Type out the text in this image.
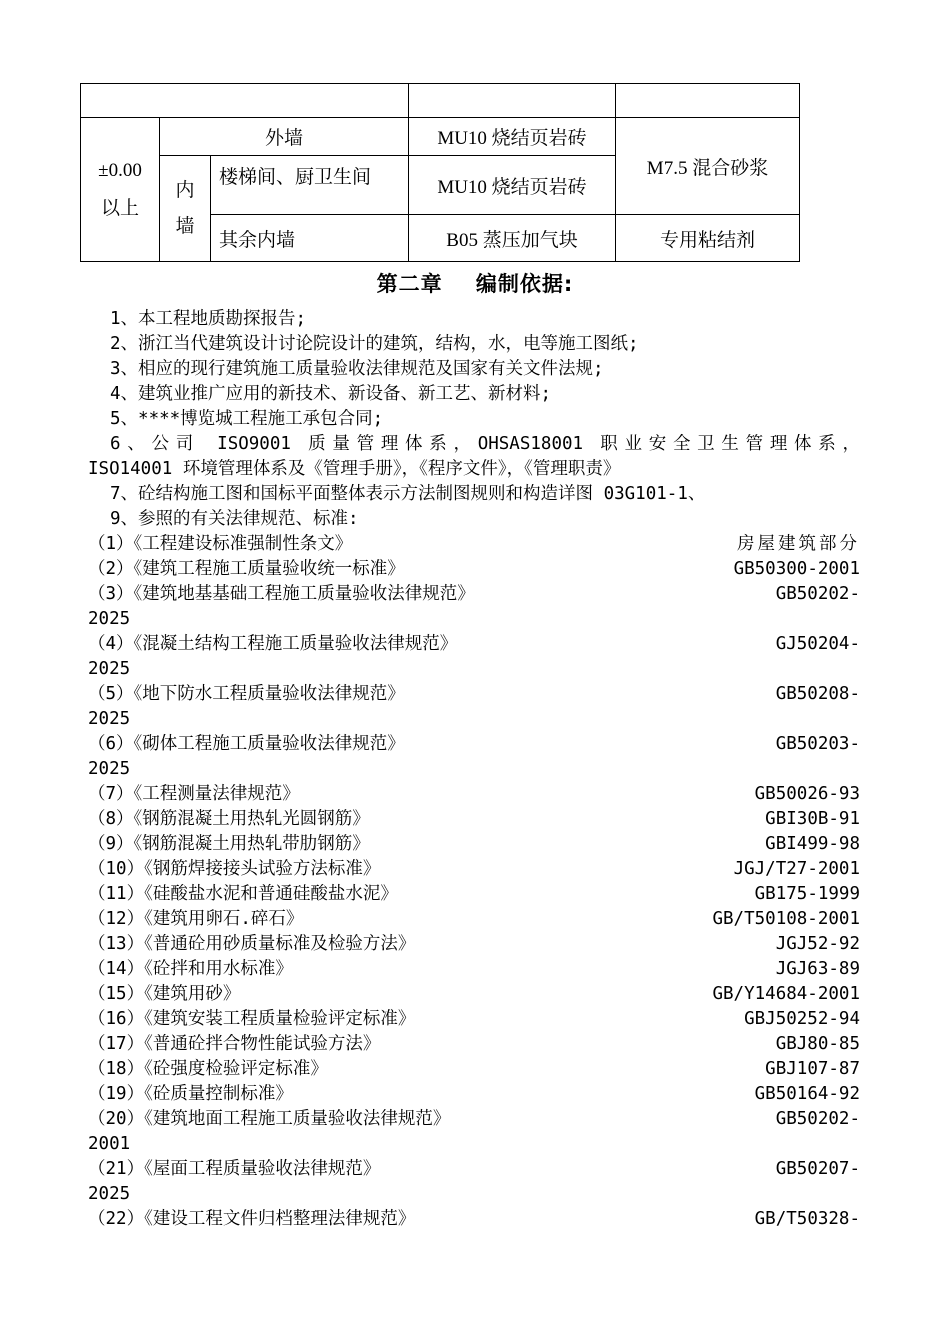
±0.00以上	外墙		MU10 烧结页岩砖	M7.5 混合砂浆

	内墙	楼梯间、厨卫生间	MU10 烧结页岩砖	
		其余内墙	B05 蒸压加气块	专用粘结剂
第二章    编制依据:
1、本工程地质勘探报告;
2、浙江当代建筑设计讨论院设计的建筑，结构，水，电等施工图纸;
3、相应的现行建筑施工质量验收法律规范及国家有关文件法规;
4、建筑业推广应用的新技术、新设备、新工艺、新材料;
5、****博览城工程施工承包合同;
6、公司 ISO9001 质量管理体系，OHSAS18001 职业安全卫生管理体系，
ISO14001 环境管理体系及《管理手册》，《程序文件》，《管理职责》
7、砼结构施工图和国标平面整体表示方法制图规则和构造详图 03G101-1、
9、参照的有关法律规范、标准:
（1）《工程建设标准强制性条文》	房屋建筑部分
（2）《建筑工程施工质量验收统一标准》	GB50300-2001
（3）《建筑地基基础工程施工质量验收法律规范》	GB50202-
2025
（4）《混凝土结构工程施工质量验收法律规范》	GJ50204-
2025
（5）《地下防水工程质量验收法律规范》	GB50208-
2025
（6）《砌体工程施工质量验收法律规范》	GB50203-
2025
（7）《工程测量法律规范》	GB50026-93
（8）《钢筋混凝土用热轧光圆钢筋》	GBI30B-91
（9）《钢筋混凝土用热轧带肋钢筋》	GBI499-98
（10）《钢筋焊接接头试验方法标准》	JGJ/T27-2001
（11）《硅酸盐水泥和普通硅酸盐水泥》	GB175-1999
（12）《建筑用卵石.碎石》	GB/T50108-2001
（13）《普通砼用砂质量标准及检验方法》	JGJ52-92
（14）《砼拌和用水标准》	JGJ63-89
（15）《建筑用砂》	GB/Y14684-2001
（16）《建筑安装工程质量检验评定标准》	GBJ50252-94
（17）《普通砼拌合物性能试验方法》	GBJ80-85
（18）《砼强度检验评定标准》	GBJ107-87
（19）《砼质量控制标准》	GB50164-92
（20）《建筑地面工程施工质量验收法律规范》	GB50202-
2001
（21）《屋面工程质量验收法律规范》	GB50207-
2025
（22）《建设工程文件归档整理法律规范》	GB/T50328-
